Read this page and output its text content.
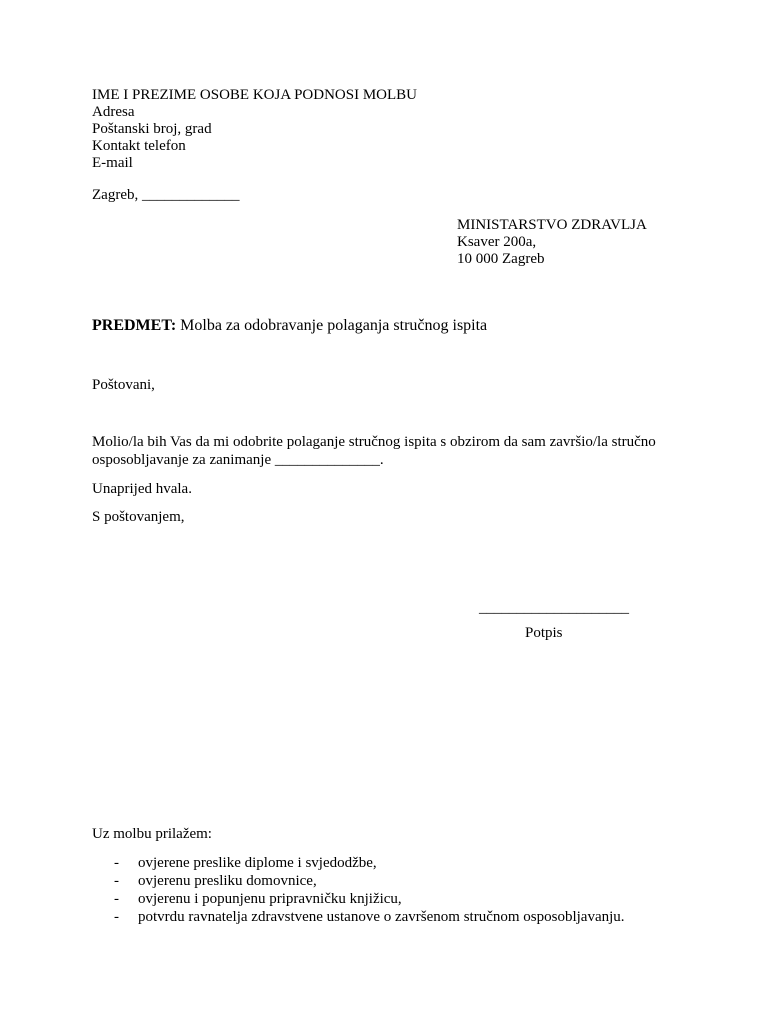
IME I PREZIME OSOBE KOJA PODNOSI MOLBU
Adresa
Poštanski broj, grad
Kontakt telefon
E-mail
Zagreb, _____________
MINISTARSTVO ZDRAVLJA
Ksaver 200a,
10 000 Zagreb
PREDMET: Molba za odobravanje polaganja stručnog ispita
Poštovani,
Molio/la bih Vas da mi odobrite polaganje stručnog ispita s obzirom da sam završio/la stručno
osposobljavanje za zanimanje ______________.
Unaprijed hvala.
S poštovanjem,
____________________
Potpis
Uz molbu prilažem:
- ovjerene preslike diplome i svjedodžbe,
- ovjerenu presliku domovnice,
- ovjerenu i popunjenu pripravničku knjižicu,
- potvrdu ravnatelja zdravstvene ustanove o završenom stručnom osposobljavanju.
